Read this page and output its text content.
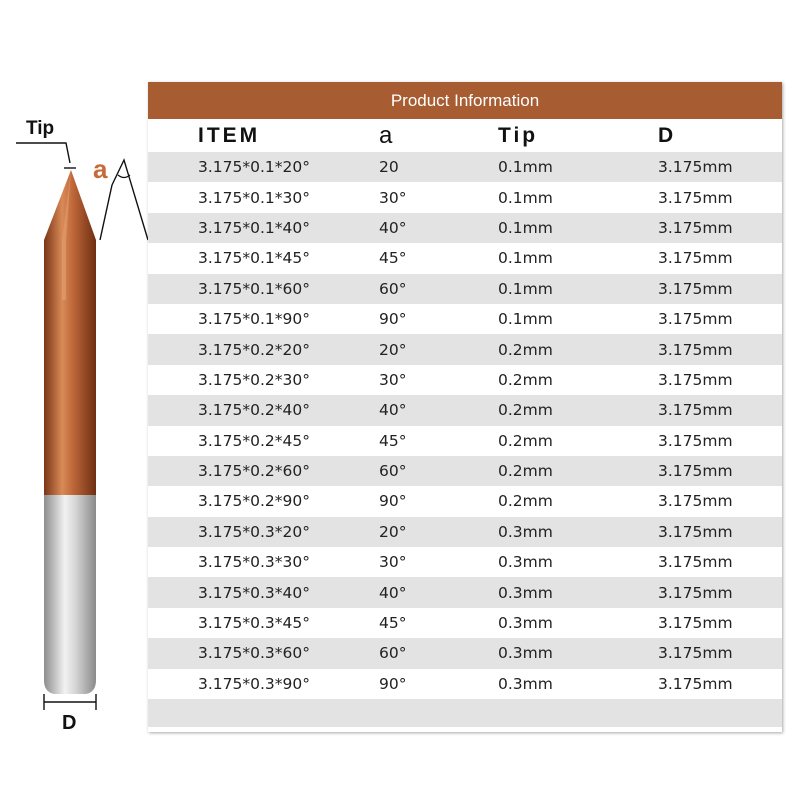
Tip
a
D
Product Information
ITEM	a	Tip	D
3.175*0.1*20°	20	0.1mm	3.175mm
3.175*0.1*30°	30°	0.1mm	3.175mm
3.175*0.1*40°	40°	0.1mm	3.175mm
3.175*0.1*45°	45°	0.1mm	3.175mm
3.175*0.1*60°	60°	0.1mm	3.175mm
3.175*0.1*90°	90°	0.1mm	3.175mm
3.175*0.2*20°	20°	0.2mm	3.175mm
3.175*0.2*30°	30°	0.2mm	3.175mm
3.175*0.2*40°	40°	0.2mm	3.175mm
3.175*0.2*45°	45°	0.2mm	3.175mm
3.175*0.2*60°	60°	0.2mm	3.175mm
3.175*0.2*90°	90°	0.2mm	3.175mm
3.175*0.3*20°	20°	0.3mm	3.175mm
3.175*0.3*30°	30°	0.3mm	3.175mm
3.175*0.3*40°	40°	0.3mm	3.175mm
3.175*0.3*45°	45°	0.3mm	3.175mm
3.175*0.3*60°	60°	0.3mm	3.175mm
3.175*0.3*90°	90°	0.3mm	3.175mm
